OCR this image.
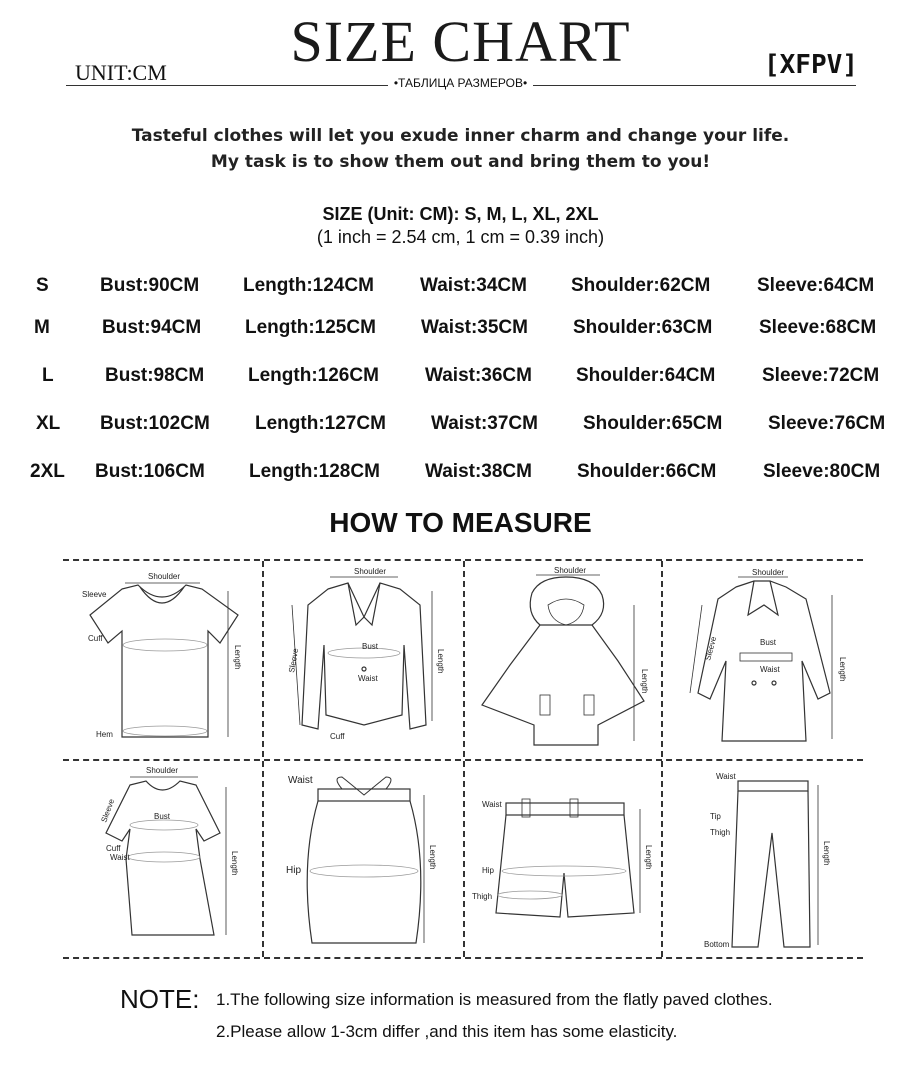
SIZE CHART
UNIT:CM	[XFPV]
•ТАБЛИЦА РАЗМЕРОВ•
Tasteful clothes will let you exude inner charm and change your life.
My task is to show them out and bring them to you!
SIZE (Unit: CM): S, M, L, XL, 2XL
(1 inch = 2.54 cm, 1 cm = 0.39 inch)
S	Bust:90CM Length:124CM Waist:34CM Shoulder:62CM Sleeve:64CM
M	Bust:94CM Length:125CM Waist:35CM Shoulder:63CM Sleeve:68CM
L	Bust:98CM Length:126CM Waist:36CM Shoulder:64CM Sleeve:72CM
XL Bust:102CM Length:127CM Waist:37CM Shoulder:65CM Sleeve:76CM
2XL Bust:106CM Length:128CM Waist:38CM Shoulder:66CM Sleeve:80CM
HOW TO MEASURE
Shoulder
Sleeve
Cuff
Hem
Length
Shoulder
Bust
Waist
Cuff
Length
Sleeve
Shoulder
Length
Shoulder
Bust
Waist	Length
Sleeve
Shoulder
Bust
Cuff
Waist
Sleeve
Length
Waist
Hip
Length
Waist
Hip
Thigh
Length
Waist
Tip
Thigh
Bottom
Length
NOTE: 1.The following size information is measured from the flatly paved clothes.
2.Please allow 1-3cm differ ,and this item has some elasticity.
